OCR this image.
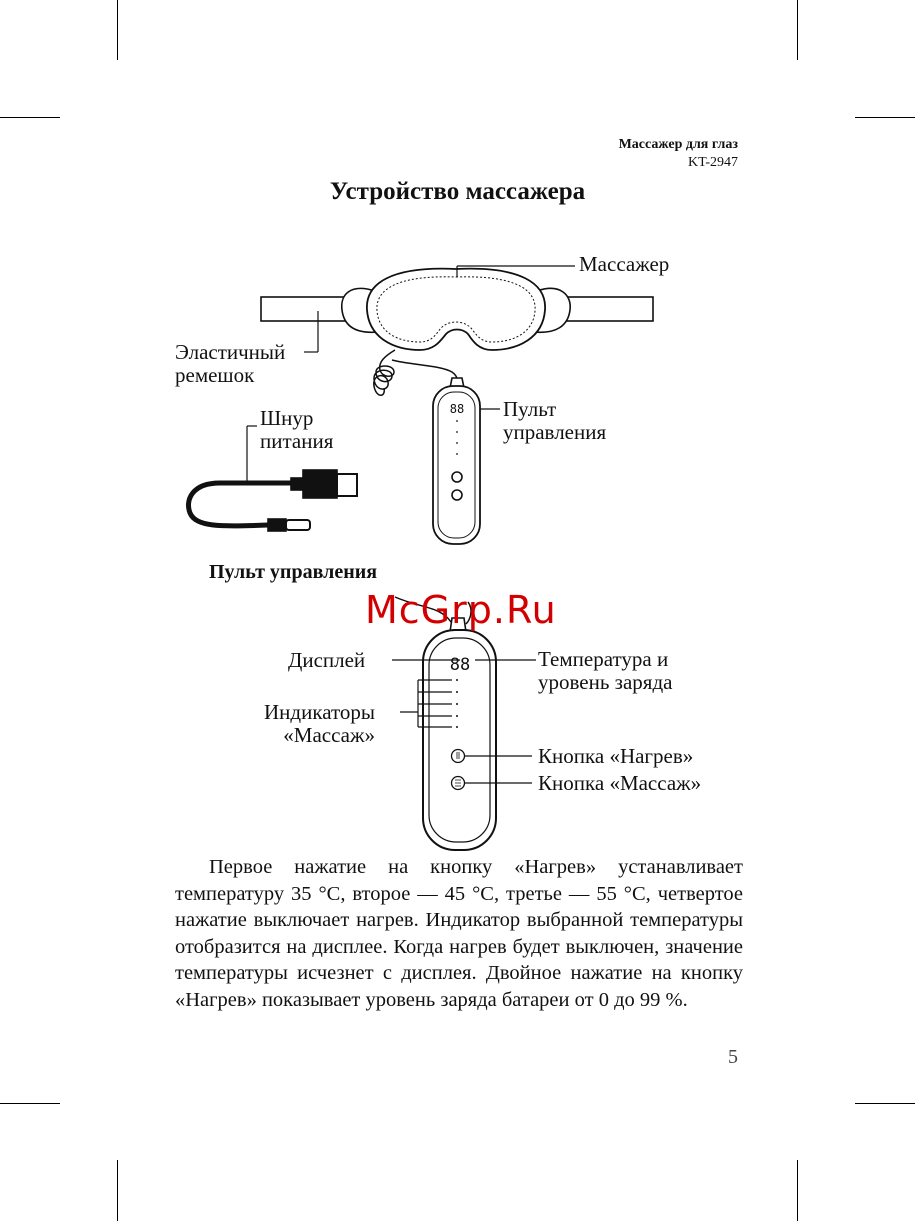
Массажер для глаз
KT-2947
Устройство массажера
88
88
Массажер
Эластичный
ремешок
Шнур
питания
Пульт
управления
Пульт управления
McGrp.Ru
Дисплей
Индикаторы
«Массаж»
Температура и
уровень заряда
Кнопка «Нагрев»
Кнопка «Массаж»
Первое нажатие на кнопку «Нагрев» устанавливает температуру 35 °С, второе — 45 °С, третье — 55 °С, четвертое нажатие выключает нагрев. Индикатор выбранной температуры отобразится на дисплее. Когда нагрев будет выключен, значение температуры исчезнет с дисплея. Двойное нажатие на кнопку «Нагрев» показывает уровень заряда батареи от 0 до 99 %.
5
